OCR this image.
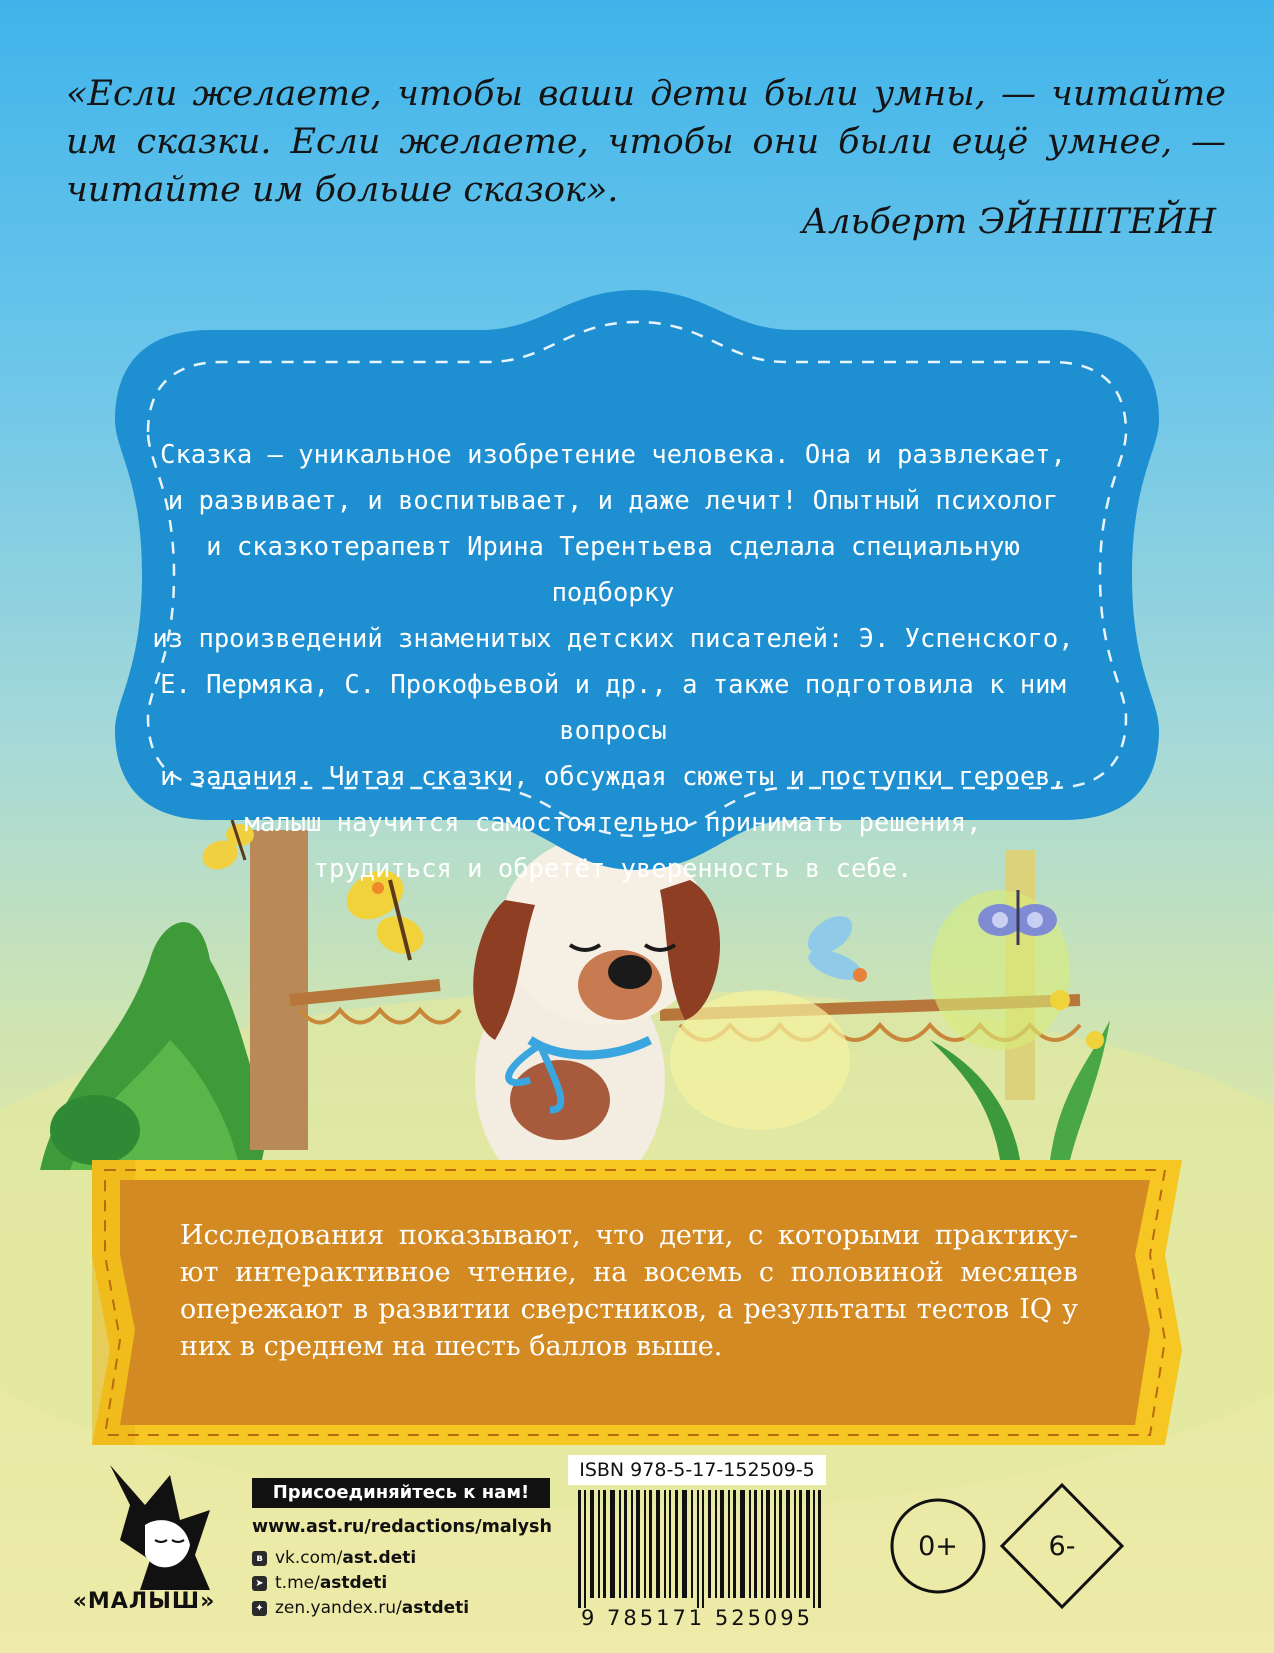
«Если желаете, чтобы ваши дети были умны, — читайте им сказки. Если желаете, чтобы они были ещё умнее, — читайте им больше сказок».

Альберт ЭЙНШТЕЙН

Сказка — уникальное изобретение человека. Она и развлекает,
и развивает, и воспитывает, и даже лечит! Опытный психолог
и сказкотерапевт Ирина Терентьева сделала специальную подборку
из произведений знаменитых детских писателей: Э. Успенского,
Е. Пермяка, С. Прокофьевой и др., а также подготовила к ним вопросы
и задания. Читая сказки, обсуждая сюжеты и поступки героев,
малыш научится самостоятельно принимать решения,
трудиться и обретёт уверенность в себе.

Исследования показывают, что дети, с которыми практику-ют интерактивное чтение, на восемь с половиной месяцев опережают в развитии сверстников, а результаты тестов IQ у них в среднем на шесть баллов выше.

«МАЛЫШ»
Присоединяйтесь к нам!
www.ast.ru/redactions/malysh
в vk.com/ ast.deti
➤ t.me/ astdeti
✦ zen.yandex.ru/ astdeti
ISBN 978-5-17-152509-5
9 785171 525095
0+	6-
